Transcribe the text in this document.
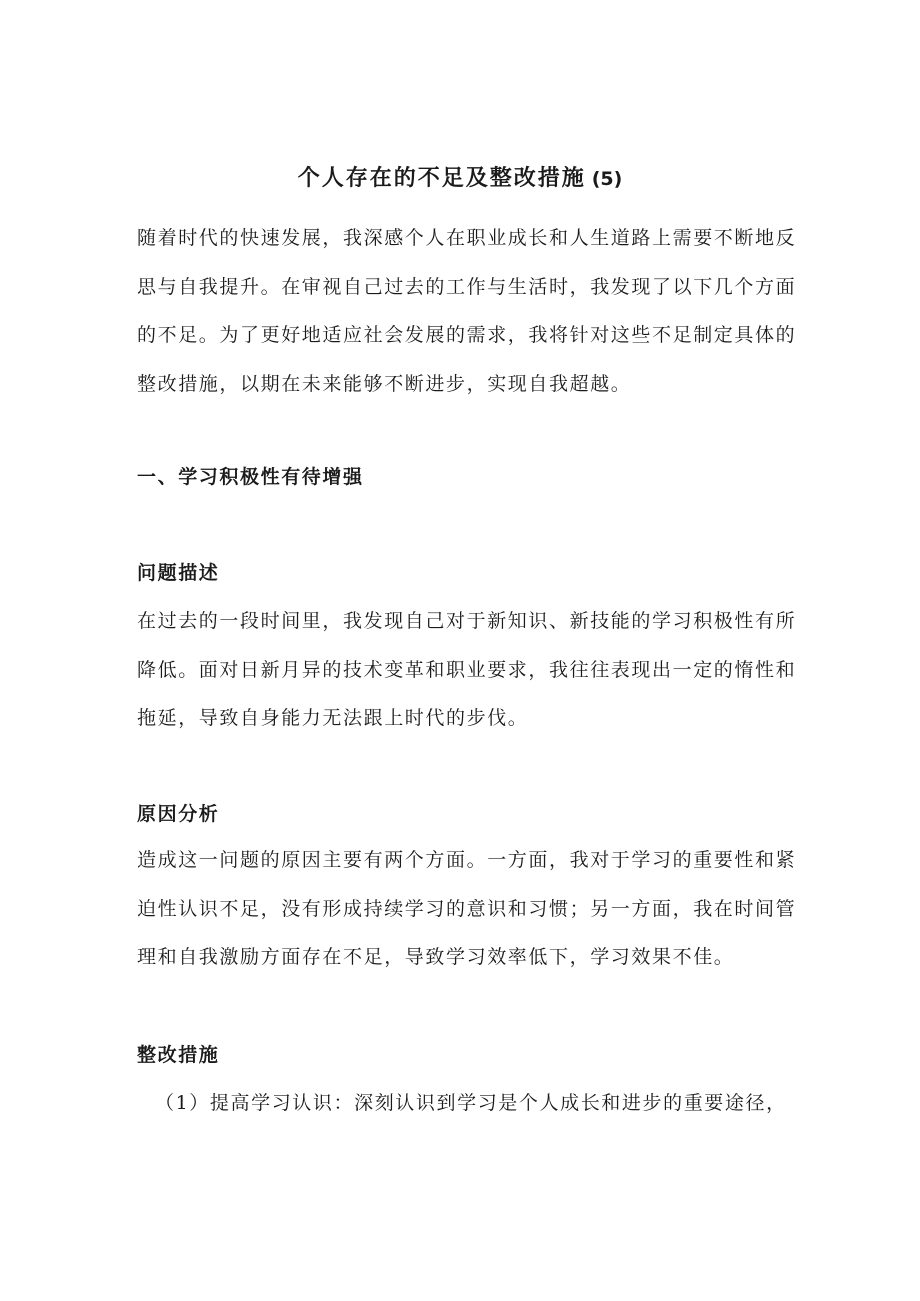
个人存在的不足及整改措施 (5)

随着时代的快速发展，我深感个人在职业成长和人生道路上需要不断地反
思与自我提升。在审视自己过去的工作与生活时，我发现了以下几个方面
的不足。为了更好地适应社会发展的需求，我将针对这些不足制定具体的
整改措施，以期在未来能够不断进步，实现自我超越。

一、学习积极性有待增强
问题描述

在过去的一段时间里，我发现自己对于新知识、新技能的学习积极性有所
降低。面对日新月异的技术变革和职业要求，我往往表现出一定的惰性和
拖延，导致自身能力无法跟上时代的步伐。

原因分析

造成这一问题的原因主要有两个方面。一方面，我对于学习的重要性和紧
迫性认识不足，没有形成持续学习的意识和习惯；另一方面，我在时间管
理和自我激励方面存在不足，导致学习效率低下，学习效果不佳。

整改措施

（1）提高学习认识：深刻认识到学习是个人成长和进步的重要途径，
